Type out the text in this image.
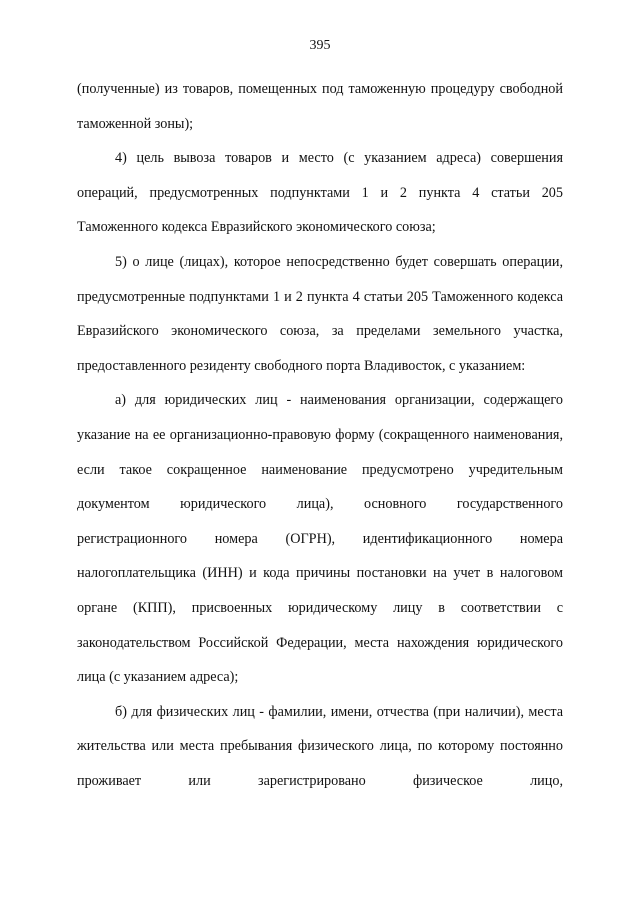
395

(полученные) из товаров, помещенных под таможенную процедуру свободной таможенной зоны);

4) цель вывоза товаров и место (с указанием адреса) совершения операций, предусмотренных подпунктами 1 и 2 пункта 4 статьи 205 Таможенного кодекса Евразийского экономического союза;

5) о лице (лицах), которое непосредственно будет совершать операции, предусмотренные подпунктами 1 и 2 пункта 4 статьи 205 Таможенного кодекса Евразийского экономического союза, за пределами земельного участка, предоставленного резиденту свободного порта Владивосток, с указанием:

а) для юридических лиц - наименования организации, содержащего указание на ее организационно-правовую форму (сокращенного наименования, если такое сокращенное наименование предусмотрено учредительным документом юридического лица), основного государственного регистрационного номера (ОГРН), идентификационного номера налогоплательщика (ИНН) и кода причины постановки на учет в налоговом органе (КПП), присвоенных юридическому лицу в соответствии с законодательством Российской Федерации, места нахождения юридического лица (с указанием адреса);

б) для физических лиц - фамилии, имени, отчества (при наличии), места жительства или места пребывания физического лица, по которому постоянно проживает или зарегистрировано физическое лицо,
